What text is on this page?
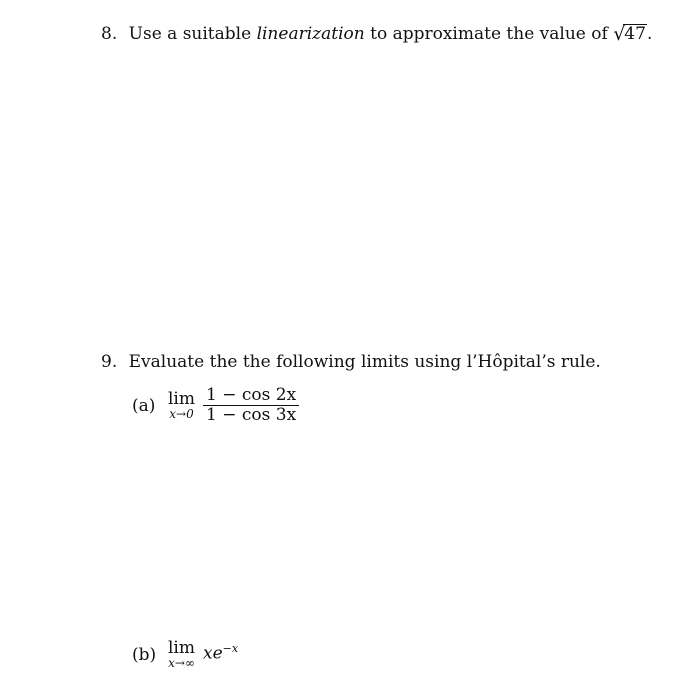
8. Use a suitable linearization to approximate the value of √47.
9. Evaluate the the following limits using l’Hôpital’s rule.
(a) lim
$x\to 0 \frac{1 - \cos 2x}{1 - \cos 3x}$
(b) lim
x→∞ $xe^{-x}$
